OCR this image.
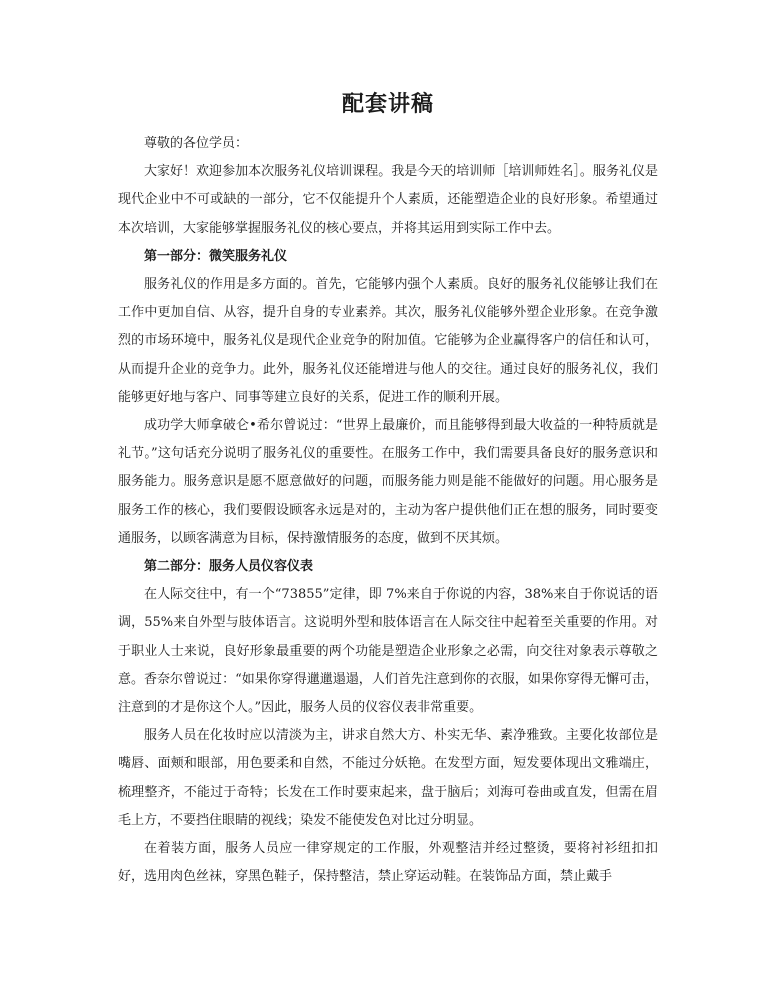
配套讲稿

尊敬的各位学员：

大家好！欢迎参加本次服务礼仪培训课程。我是今天的培训师［培训师姓名］。服务礼仪是现代企业中不可或缺的一部分，它不仅能提升个人素质，还能塑造企业的良好形象。希望通过本次培训，大家能够掌握服务礼仪的核心要点，并将其运用到实际工作中去。

第一部分：微笑服务礼仪

服务礼仪的作用是多方面的。首先，它能够内强个人素质。良好的服务礼仪能够让我们在工作中更加自信、从容，提升自身的专业素养。其次，服务礼仪能够外塑企业形象。在竞争激烈的市场环境中，服务礼仪是现代企业竞争的附加值。它能够为企业赢得客户的信任和认可，从而提升企业的竞争力。此外，服务礼仪还能增进与他人的交往。通过良好的服务礼仪，我们能够更好地与客户、同事等建立良好的关系，促进工作的顺利开展。

成功学大师拿破仑•希尔曾说过：“世界上最廉价，而且能够得到最大收益的一种特质就是礼节。”这句话充分说明了服务礼仪的重要性。在服务工作中，我们需要具备良好的服务意识和服务能力。服务意识是愿不愿意做好的问题，而服务能力则是能不能做好的问题。用心服务是服务工作的核心，我们要假设顾客永远是对的，主动为客户提供他们正在想的服务，同时要变通服务，以顾客满意为目标，保持激情服务的态度，做到不厌其烦。

第二部分：服务人员仪容仪表

在人际交往中，有一个“73855”定律，即 7%来自于你说的内容，38%来自于你说话的语调，55%来自外型与肢体语言。这说明外型和肢体语言在人际交往中起着至关重要的作用。对于职业人士来说，良好形象最重要的两个功能是塑造企业形象之必需，向交往对象表示尊敬之意。香奈尔曾说过：“如果你穿得邋邋遢遢，人们首先注意到你的衣服，如果你穿得无懈可击，注意到的才是你这个人。”因此，服务人员的仪容仪表非常重要。

服务人员在化妆时应以清淡为主，讲求自然大方、朴实无华、素净雅致。主要化妆部位是嘴唇、面颊和眼部，用色要柔和自然，不能过分妖艳。在发型方面，短发要体现出文雅端庄，梳理整齐，不能过于奇特；长发在工作时要束起来，盘于脑后；刘海可卷曲或直发，但需在眉毛上方，不要挡住眼睛的视线；染发不能使发色对比过分明显。

在着装方面，服务人员应一律穿规定的工作服，外观整洁并经过整烫，要将衬衫纽扣扣好，选用肉色丝袜，穿黑色鞋子，保持整洁，禁止穿运动鞋。在装饰品方面，禁止戴手
